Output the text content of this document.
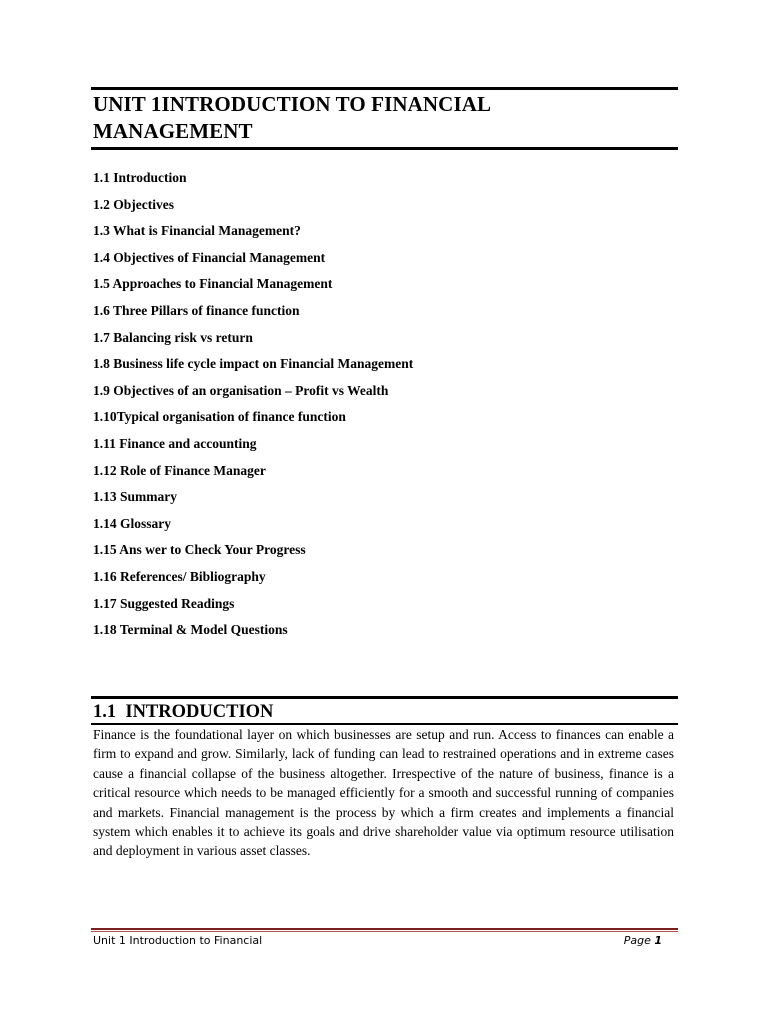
UNIT 1INTRODUCTION TO FINANCIAL
MANAGEMENT
1.1 Introduction
1.2 Objectives
1.3 What is Financial Management?
1.4 Objectives of Financial Management
1.5 Approaches to Financial Management
1.6 Three Pillars of finance function
1.7 Balancing risk vs return
1.8 Business life cycle impact on Financial Management
1.9 Objectives of an organisation – Profit vs Wealth
1.10Typical organisation of finance function
1.11 Finance and accounting
1.12 Role of Finance Manager
1.13 Summary
1.14 Glossary
1.15 Ans wer to Check Your Progress
1.16 References/ Bibliography
1.17 Suggested Readings
1.18 Terminal & Model Questions
1.1  INTRODUCTION

Finance is the foundational layer on which businesses are setup and run. Access to finances can enable a firm to expand and grow. Similarly, lack of funding can lead to restrained operations and in extreme cases cause a financial collapse of the business altogether. Irrespective of the nature of business, finance is a critical resource which needs to be managed efficiently for a smooth and successful running of companies and markets. Financial management is the process by which a firm creates and implements a financial system which enables it to achieve its goals and drive shareholder value via optimum resource utilisation and deployment in various asset classes.

Unit 1 Introduction to Financial	Page 1
